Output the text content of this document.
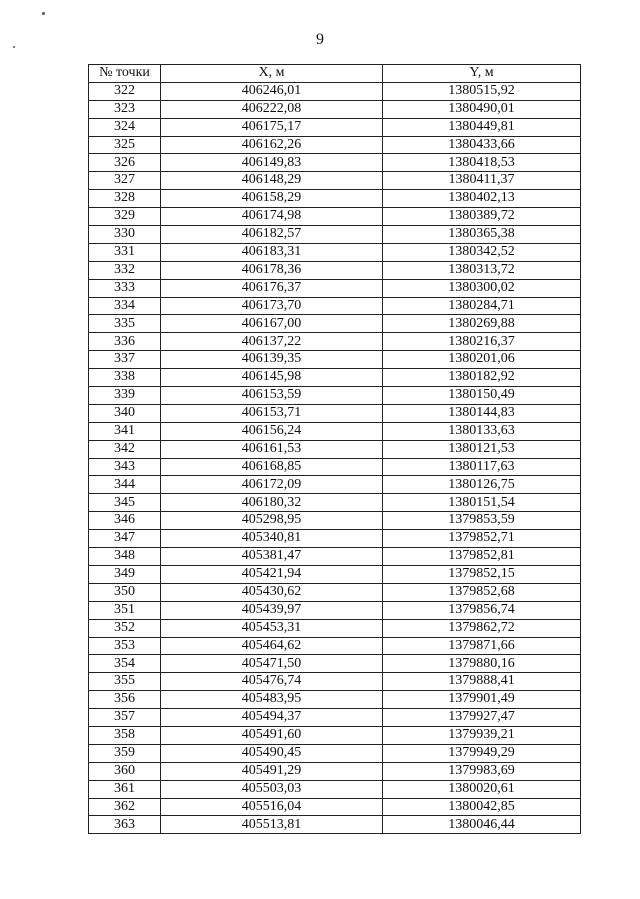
9
№ точки	X, м	Y, м
322	406246,01	1380515,92
323	406222,08	1380490,01
324	406175,17	1380449,81
325	406162,26	1380433,66
326	406149,83	1380418,53
327	406148,29	1380411,37
328	406158,29	1380402,13
329	406174,98	1380389,72
330	406182,57	1380365,38
331	406183,31	1380342,52
332	406178,36	1380313,72
333	406176,37	1380300,02
334	406173,70	1380284,71
335	406167,00	1380269,88
336	406137,22	1380216,37
337	406139,35	1380201,06
338	406145,98	1380182,92
339	406153,59	1380150,49
340	406153,71	1380144,83
341	406156,24	1380133,63
342	406161,53	1380121,53
343	406168,85	1380117,63
344	406172,09	1380126,75
345	406180,32	1380151,54
346	405298,95	1379853,59
347	405340,81	1379852,71
348	405381,47	1379852,81
349	405421,94	1379852,15
350	405430,62	1379852,68
351	405439,97	1379856,74
352	405453,31	1379862,72
353	405464,62	1379871,66
354	405471,50	1379880,16
355	405476,74	1379888,41
356	405483,95	1379901,49
357	405494,37	1379927,47
358	405491,60	1379939,21
359	405490,45	1379949,29
360	405491,29	1379983,69
361	405503,03	1380020,61
362	405516,04	1380042,85
363	405513,81	1380046,44
